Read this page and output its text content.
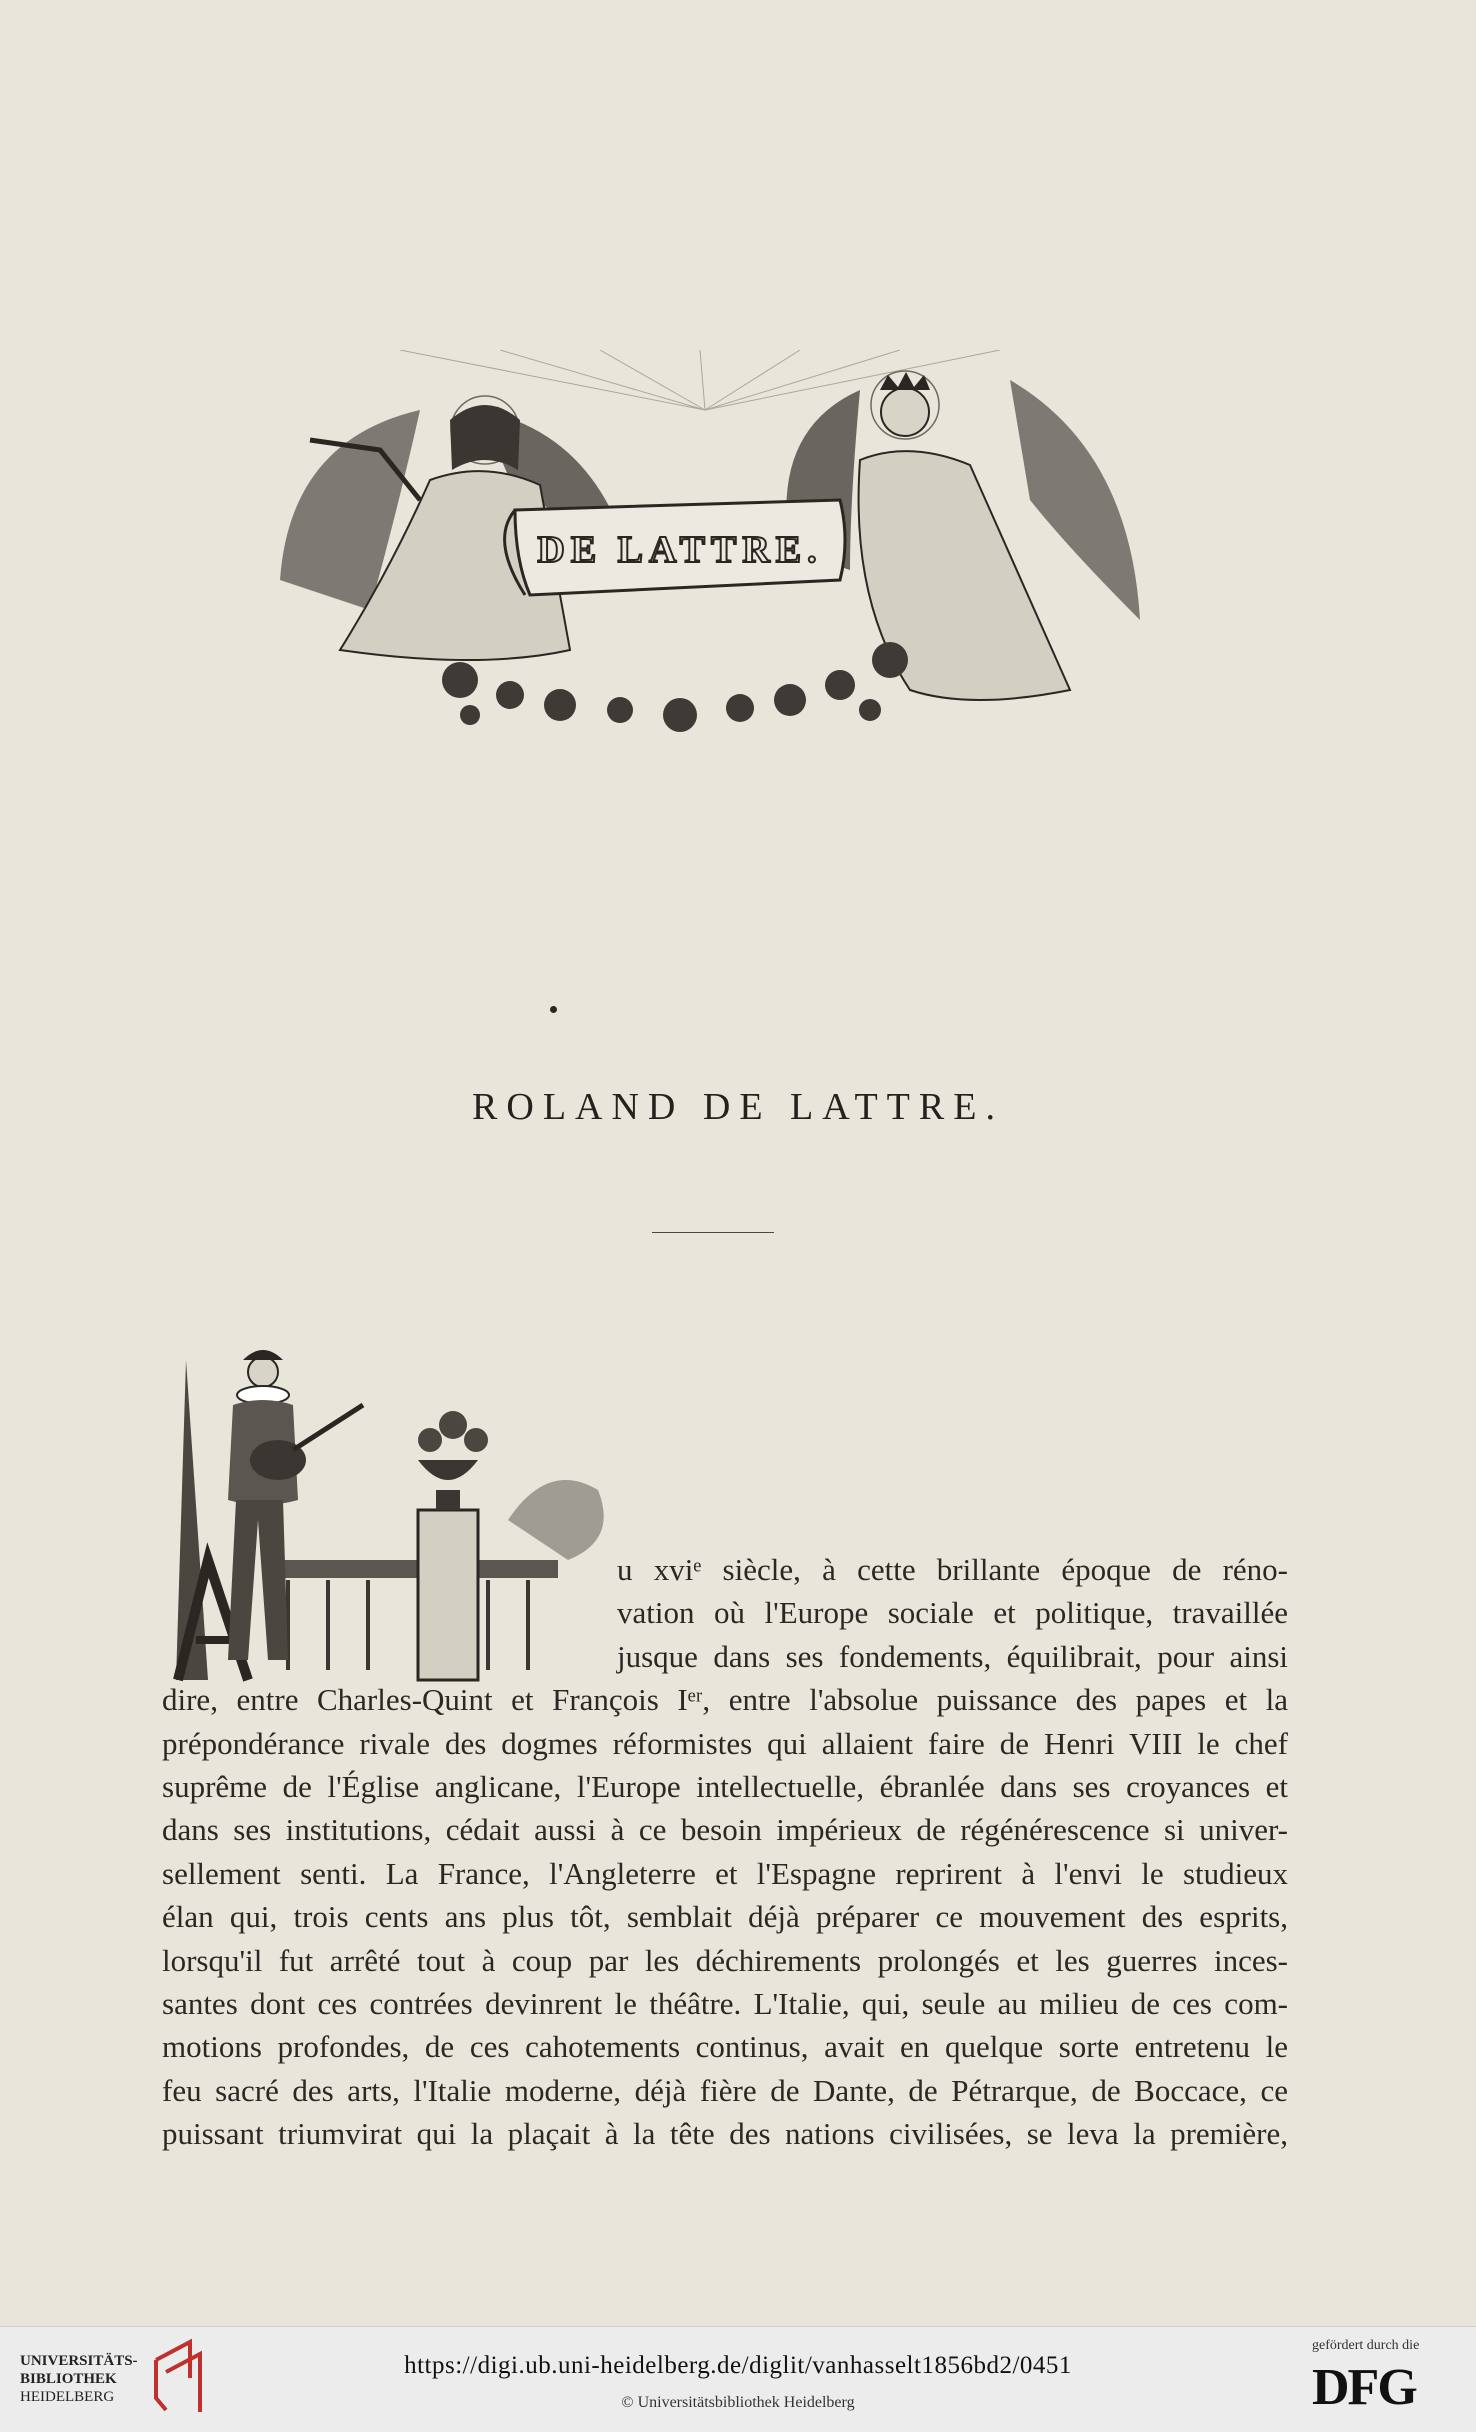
DE LATTRE.
ROLAND DE LATTRE.
u xviᵉ siècle, à cette brillante époque de réno-
vation où l'Europe sociale et politique, travaillée
jusque dans ses fondements, équilibrait, pour ainsi
dire, entre Charles-Quint et François Iᵉʳ, entre l'absolue puissance des papes et la
prépondérance rivale des dogmes réformistes qui allaient faire de Henri VIII le chef
suprême de l'Église anglicane, l'Europe intellectuelle, ébranlée dans ses croyances et
dans ses institutions, cédait aussi à ce besoin impérieux de régénérescence si univer-
sellement senti. La France, l'Angleterre et l'Espagne reprirent à l'envi le studieux
élan qui, trois cents ans plus tôt, semblait déjà préparer ce mouvement des esprits,
lorsqu'il fut arrêté tout à coup par les déchirements prolongés et les guerres inces-
santes dont ces contrées devinrent le théâtre. L'Italie, qui, seule au milieu de ces com-
motions profondes, de ces cahotements continus, avait en quelque sorte entretenu le
feu sacré des arts, l'Italie moderne, déjà fière de Dante, de Pétrarque, de Boccace, ce
puissant triumvirat qui la plaçait à la tête des nations civilisées, se leva la première,
UNIVERSITÄTS-
BIBLIOTHEK
HEIDELBERG
https://digi.ub.uni-heidelberg.de/diglit/vanhasselt1856bd2/0451
© Universitätsbibliothek Heidelberg
gefördert durch die
DFG
